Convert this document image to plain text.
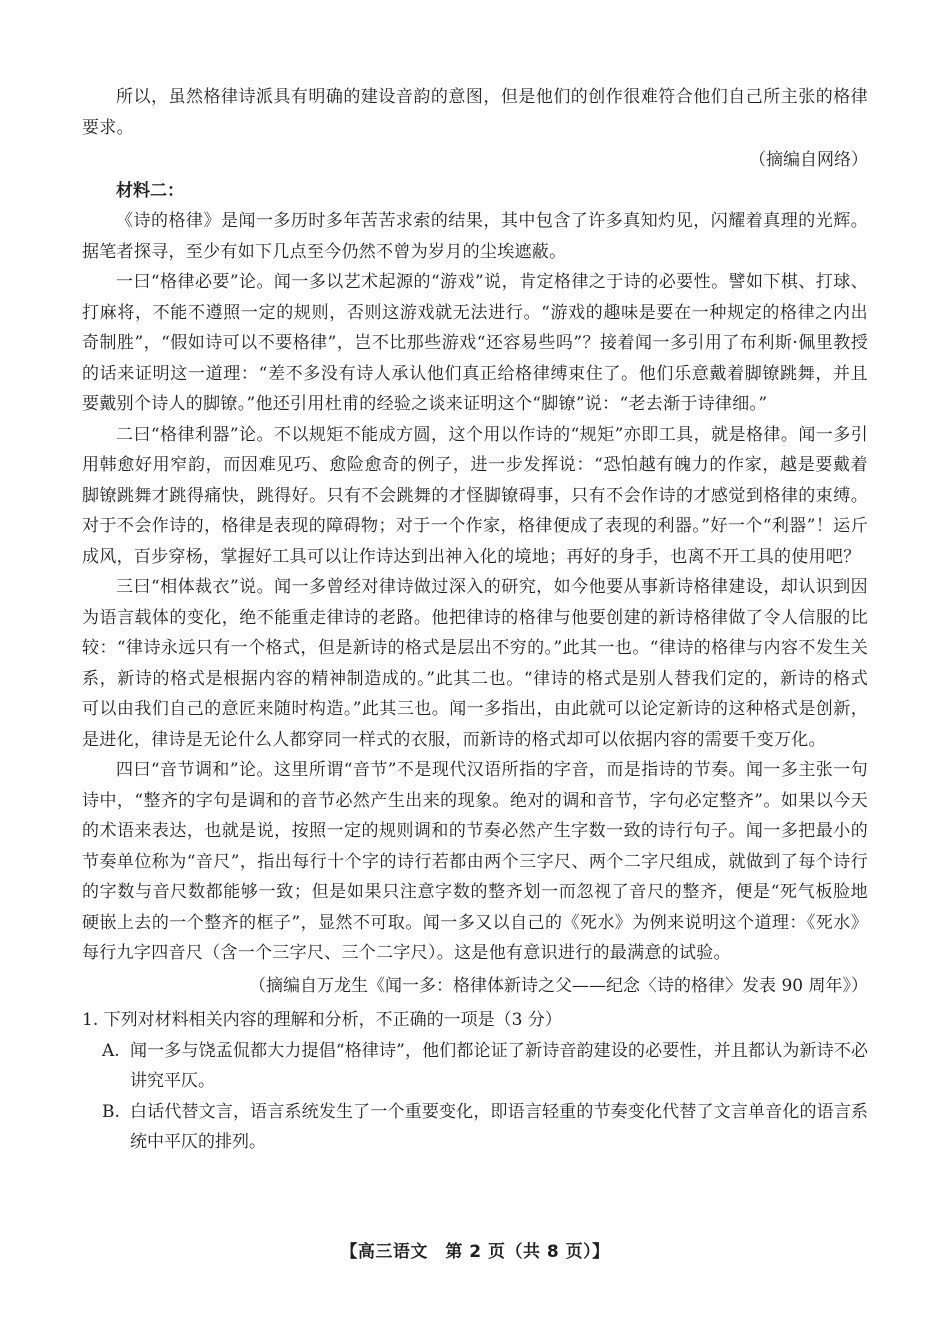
所以，虽然格律诗派具有明确的建设音韵的意图，但是他们的创作很难符合他们自己所主张的格律要求。

（摘编自网络）

材料二：

《诗的格律》是闻一多历时多年苦苦求索的结果，其中包含了许多真知灼见，闪耀着真理的光辉。据笔者探寻，至少有如下几点至今仍然不曾为岁月的尘埃遮蔽。

一曰“格律必要”论。闻一多以艺术起源的“游戏”说，肯定格律之于诗的必要性。譬如下棋、打球、打麻将，不能不遵照一定的规则，否则这游戏就无法进行。“游戏的趣味是要在一种规定的格律之内出奇制胜”，“假如诗可以不要格律”，岂不比那些游戏“还容易些吗”？接着闻一多引用了布利斯·佩里教授的话来证明这一道理：“差不多没有诗人承认他们真正给格律缚束住了。他们乐意戴着脚镣跳舞，并且要戴别个诗人的脚镣。”他还引用杜甫的经验之谈来证明这个“脚镣”说：“老去渐于诗律细。”

二曰“格律利器”论。不以规矩不能成方圆，这个用以作诗的“规矩”亦即工具，就是格律。闻一多引用韩愈好用窄韵，而因难见巧、愈险愈奇的例子，进一步发挥说：“恐怕越有魄力的作家，越是要戴着脚镣跳舞才跳得痛快，跳得好。只有不会跳舞的才怪脚镣碍事，只有不会作诗的才感觉到格律的束缚。对于不会作诗的，格律是表现的障碍物；对于一个作家，格律便成了表现的利器。”好一个“利器”！运斤成风，百步穿杨，掌握好工具可以让作诗达到出神入化的境地；再好的身手，也离不开工具的使用吧？

三曰“相体裁衣”说。闻一多曾经对律诗做过深入的研究，如今他要从事新诗格律建设，却认识到因为语言载体的变化，绝不能重走律诗的老路。他把律诗的格律与他要创建的新诗格律做了令人信服的比较：“律诗永远只有一个格式，但是新诗的格式是层出不穷的。”此其一也。“律诗的格律与内容不发生关系，新诗的格式是根据内容的精神制造成的。”此其二也。“律诗的格式是别人替我们定的，新诗的格式可以由我们自己的意匠来随时构造。”此其三也。闻一多指出，由此就可以论定新诗的这种格式是创新，是进化，律诗是无论什么人都穿同一样式的衣服，而新诗的格式却可以依据内容的需要千变万化。

四曰“音节调和”论。这里所谓“音节”不是现代汉语所指的字音，而是指诗的节奏。闻一多主张一句诗中，“整齐的字句是调和的音节必然产生出来的现象。绝对的调和音节，字句必定整齐”。如果以今天的术语来表达，也就是说，按照一定的规则调和的节奏必然产生字数一致的诗行句子。闻一多把最小的节奏单位称为“音尺”，指出每行十个字的诗行若都由两个三字尺、两个二字尺组成，就做到了每个诗行的字数与音尺数都能够一致；但是如果只注意字数的整齐划一而忽视了音尺的整齐，便是“死气板脸地硬嵌上去的一个整齐的框子”，显然不可取。闻一多又以自己的《死水》为例来说明这个道理：《死水》每行九字四音尺（含一个三字尺、三个二字尺）。这是他有意识进行的最满意的试验。

（摘编自万龙生《闻一多：格律体新诗之父——纪念〈诗的格律〉发表 90 周年》）

1. 下列对材料相关内容的理解和分析，不正确的一项是（3 分）

A. 闻一多与饶孟侃都大力提倡“格律诗”，他们都论证了新诗音韵建设的必要性，并且都认为新诗不必讲究平仄。
B. 白话代替文言，语言系统发生了一个重要变化，即语言轻重的节奏变化代替了文言单音化的语言系统中平仄的排列。
【高三语文　第 2 页（共 8 页）】
